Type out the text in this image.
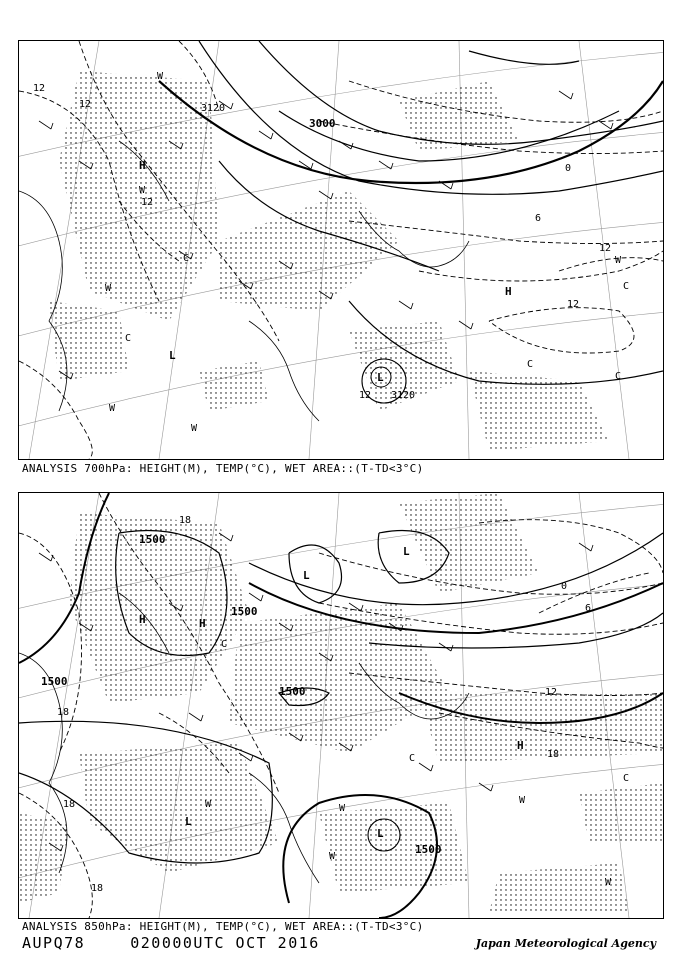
3000
3120
3120
H
H
L
L
12
12
12
12
12
0
6
12
W
W
W
W
W
W
C
C
C
C
C
ANALYSIS 700hPa: HEIGHT(M), TEMP(°C), WET AREA::(T-TD<3°C)
1500
1500
1500
1500
1500
H	H
H
L
L
L
L
18
18
18
12
18
0
6
18
W
W
W
W
W
C
C
C
ANALYSIS 850hPa: HEIGHT(M), TEMP(°C), WET AREA::(T-TD<3°C)
AUPQ78	020000UTC OCT 2016	Japan Meteorological Agency
